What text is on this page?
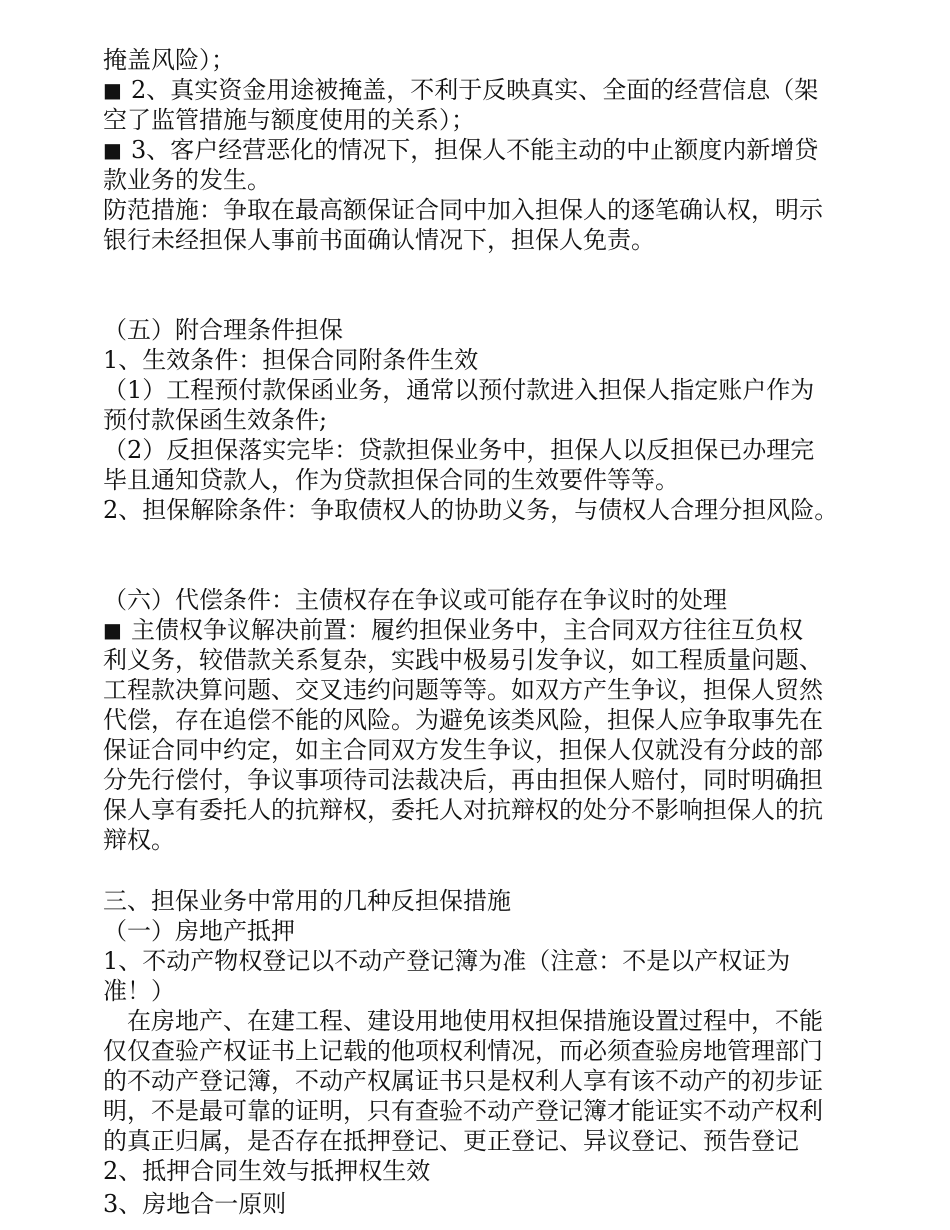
掩盖风险）；
■ 2、真实资金用途被掩盖，不利于反映真实、全面的经营信息（架
空了监管措施与额度使用的关系）；
■ 3、客户经营恶化的情况下，担保人不能主动的中止额度内新增贷
款业务的发生。
防范措施：争取在最高额保证合同中加入担保人的逐笔确认权，明示
银行未经担保人事前书面确认情况下，担保人免责。
（五）附合理条件担保
1、生效条件：担保合同附条件生效
（1）工程预付款保函业务，通常以预付款进入担保人指定账户作为
预付款保函生效条件;
（2）反担保落实完毕：贷款担保业务中，担保人以反担保已办理完
毕且通知贷款人，作为贷款担保合同的生效要件等等。
2、担保解除条件：争取债权人的协助义务，与债权人合理分担风险。
（六）代偿条件：主债权存在争议或可能存在争议时的处理
■ 主债权争议解决前置：履约担保业务中，主合同双方往往互负权
利义务，较借款关系复杂，实践中极易引发争议，如工程质量问题、
工程款决算问题、交叉违约问题等等。如双方产生争议，担保人贸然
代偿，存在追偿不能的风险。为避免该类风险，担保人应争取事先在
保证合同中约定，如主合同双方发生争议，担保人仅就没有分歧的部
分先行偿付，争议事项待司法裁决后，再由担保人赔付，同时明确担
保人享有委托人的抗辩权，委托人对抗辩权的处分不影响担保人的抗
辩权。
三、担保业务中常用的几种反担保措施
（一）房地产抵押
1、不动产物权登记以不动产登记簿为准（注意：不是以产权证为
准！）
　在房地产、在建工程、建设用地使用权担保措施设置过程中，不能
仅仅查验产权证书上记载的他项权利情况，而必须查验房地管理部门
的不动产登记簿，不动产权属证书只是权利人享有该不动产的初步证
明，不是最可靠的证明，只有查验不动产登记簿才能证实不动产权利
的真正归属，是否存在抵押登记、更正登记、异议登记、预告登记
2、抵押合同生效与抵押权生效
3、房地合一原则
